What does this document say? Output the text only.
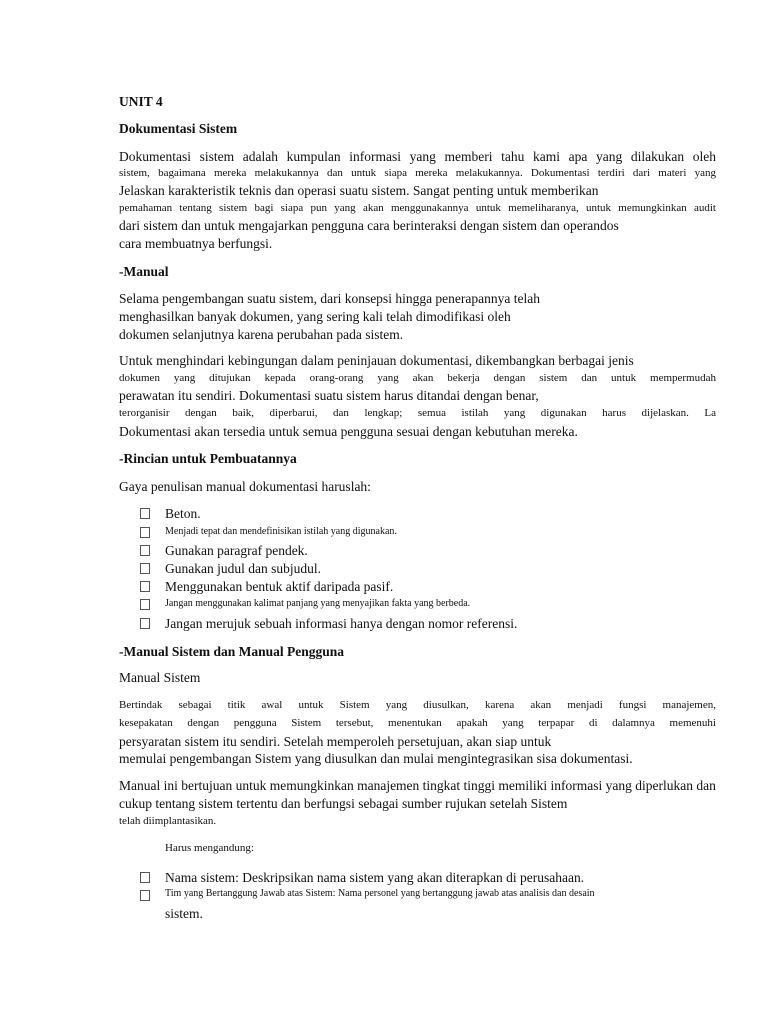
UNIT 4
Dokumentasi Sistem
Dokumentasi sistem adalah kumpulan informasi yang memberi tahu kami apa yang dilakukan oleh
sistem, bagaimana mereka melakukannya dan untuk siapa mereka melakukannya. Dokumentasi terdiri dari materi yang
Jelaskan karakteristik teknis dan operasi suatu sistem. Sangat penting untuk memberikan
pemahaman tentang sistem bagi siapa pun yang akan menggunakannya untuk memeliharanya, untuk memungkinkan audit
dari sistem dan untuk mengajarkan pengguna cara berinteraksi dengan sistem dan operandos
cara membuatnya berfungsi.
-Manual
Selama pengembangan suatu sistem, dari konsepsi hingga penerapannya telah
menghasilkan banyak dokumen, yang sering kali telah dimodifikasi oleh
dokumen selanjutnya karena perubahan pada sistem.
Untuk menghindari kebingungan dalam peninjauan dokumentasi, dikembangkan berbagai jenis
dokumen yang ditujukan kepada orang-orang yang akan bekerja dengan sistem dan untuk mempermudah
perawatan itu sendiri. Dokumentasi suatu sistem harus ditandai dengan benar,
terorganisir dengan baik, diperbarui, dan lengkap; semua istilah yang digunakan harus dijelaskan. La
Dokumentasi akan tersedia untuk semua pengguna sesuai dengan kebutuhan mereka.
-Rincian untuk Pembuatannya
Gaya penulisan manual dokumentasi haruslah:
Beton.
Menjadi tepat dan mendefinisikan istilah yang digunakan.
Gunakan paragraf pendek.
Gunakan judul dan subjudul.
Menggunakan bentuk aktif daripada pasif.
Jangan menggunakan kalimat panjang yang menyajikan fakta yang berbeda.
Jangan merujuk sebuah informasi hanya dengan nomor referensi.
-Manual Sistem dan Manual Pengguna
Manual Sistem
Bertindak sebagai titik awal untuk Sistem yang diusulkan, karena akan menjadi fungsi manajemen,
kesepakatan dengan pengguna Sistem tersebut, menentukan apakah yang terpapar di dalamnya memenuhi
persyaratan sistem itu sendiri. Setelah memperoleh persetujuan, akan siap untuk
memulai pengembangan Sistem yang diusulkan dan mulai mengintegrasikan sisa dokumentasi.
Manual ini bertujuan untuk memungkinkan manajemen tingkat tinggi memiliki informasi yang diperlukan dan
cukup tentang sistem tertentu dan berfungsi sebagai sumber rujukan setelah Sistem
telah diimplantasikan.
Harus mengandung:
Nama sistem: Deskripsikan nama sistem yang akan diterapkan di perusahaan.
Tim yang Bertanggung Jawab atas Sistem: Nama personel yang bertanggung jawab atas analisis dan desain
sistem.
